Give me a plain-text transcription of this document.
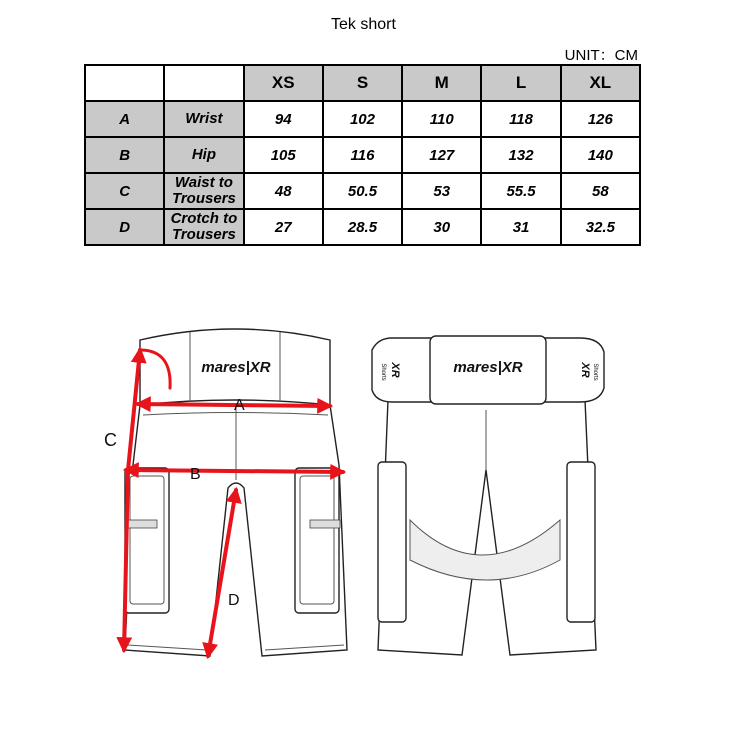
Tek short
UNIT：CM
		XS	S	M	L	XL
A	Wrist	94	102	110	118	126
B	Hip	105	116	127	132	140
C	Waist to Trousers	48	50.5	53	55.5	58
D	Crotch to Trousers	27	28.5	30	31	32.5
mares|XR	mares|XR
XR	XR
Shorts	Shorts
A
B
C
D
